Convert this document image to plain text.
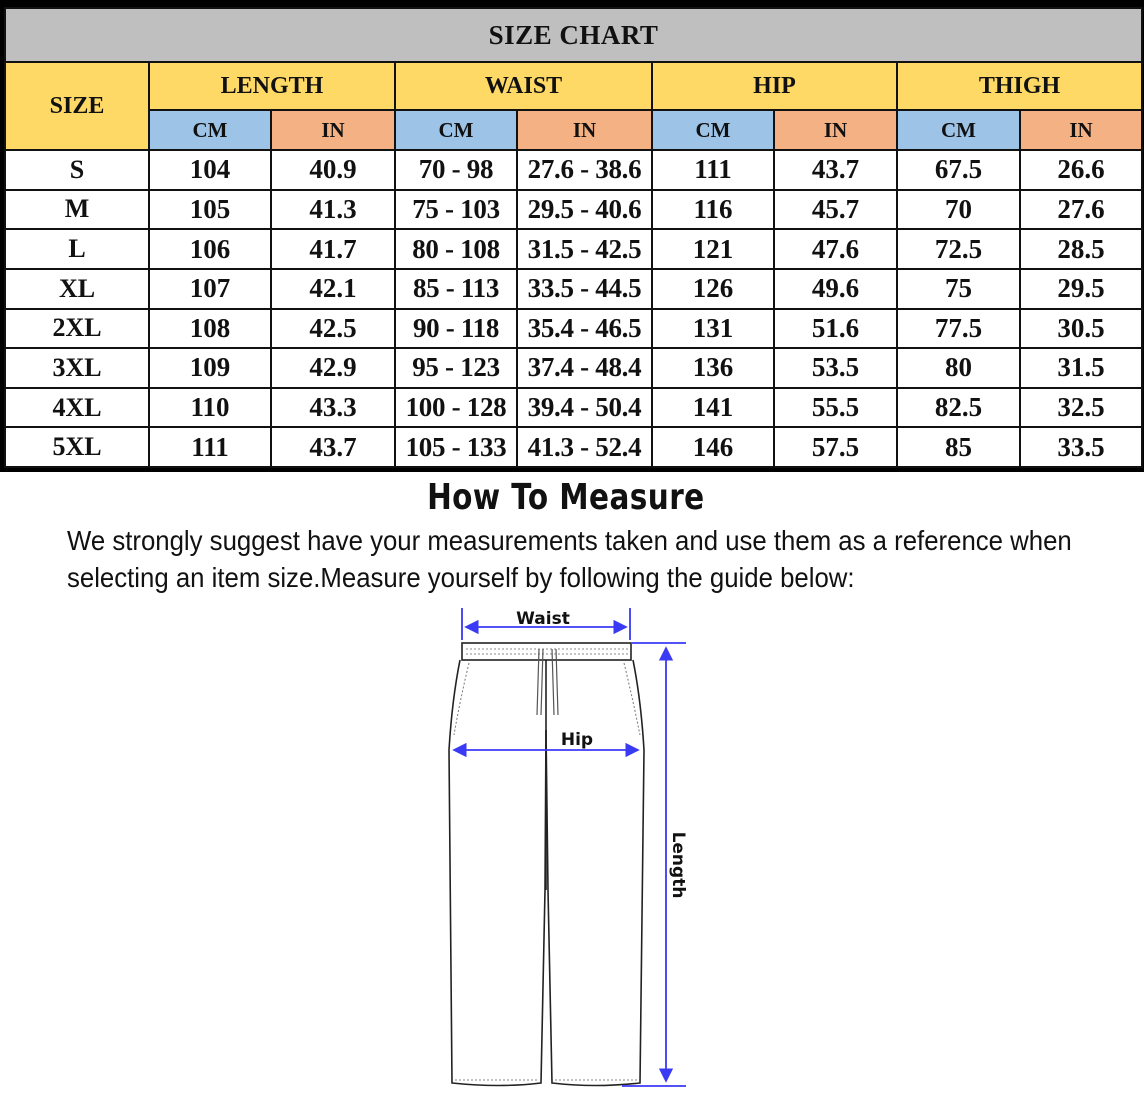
SIZE CHART								
SIZE	LENGTH		WAIST		HIP		THIGH	
	CM	IN	CM	IN	CM	IN	CM	IN
S	104	40.9	70 - 98	27.6 - 38.6	111	43.7	67.5	26.6
M	105	41.3	75 - 103	29.5 - 40.6	116	45.7	70	27.6
L	106	41.7	80 - 108	31.5 - 42.5	121	47.6	72.5	28.5
XL	107	42.1	85 - 113	33.5 - 44.5	126	49.6	75	29.5
2XL	108	42.5	90 - 118	35.4 - 46.5	131	51.6	77.5	30.5
3XL	109	42.9	95 - 123	37.4 - 48.4	136	53.5	80	31.5
4XL	110	43.3	100 - 128	39.4 - 50.4	141	55.5	82.5	32.5
5XL	111	43.7	105 - 133	41.3 - 52.4	146	57.5	85	33.5
How To Measure
We strongly suggest have your measurements taken and use them as a reference when
selecting an item size.Measure yourself by following the guide below:
Waist
Hip
Length
